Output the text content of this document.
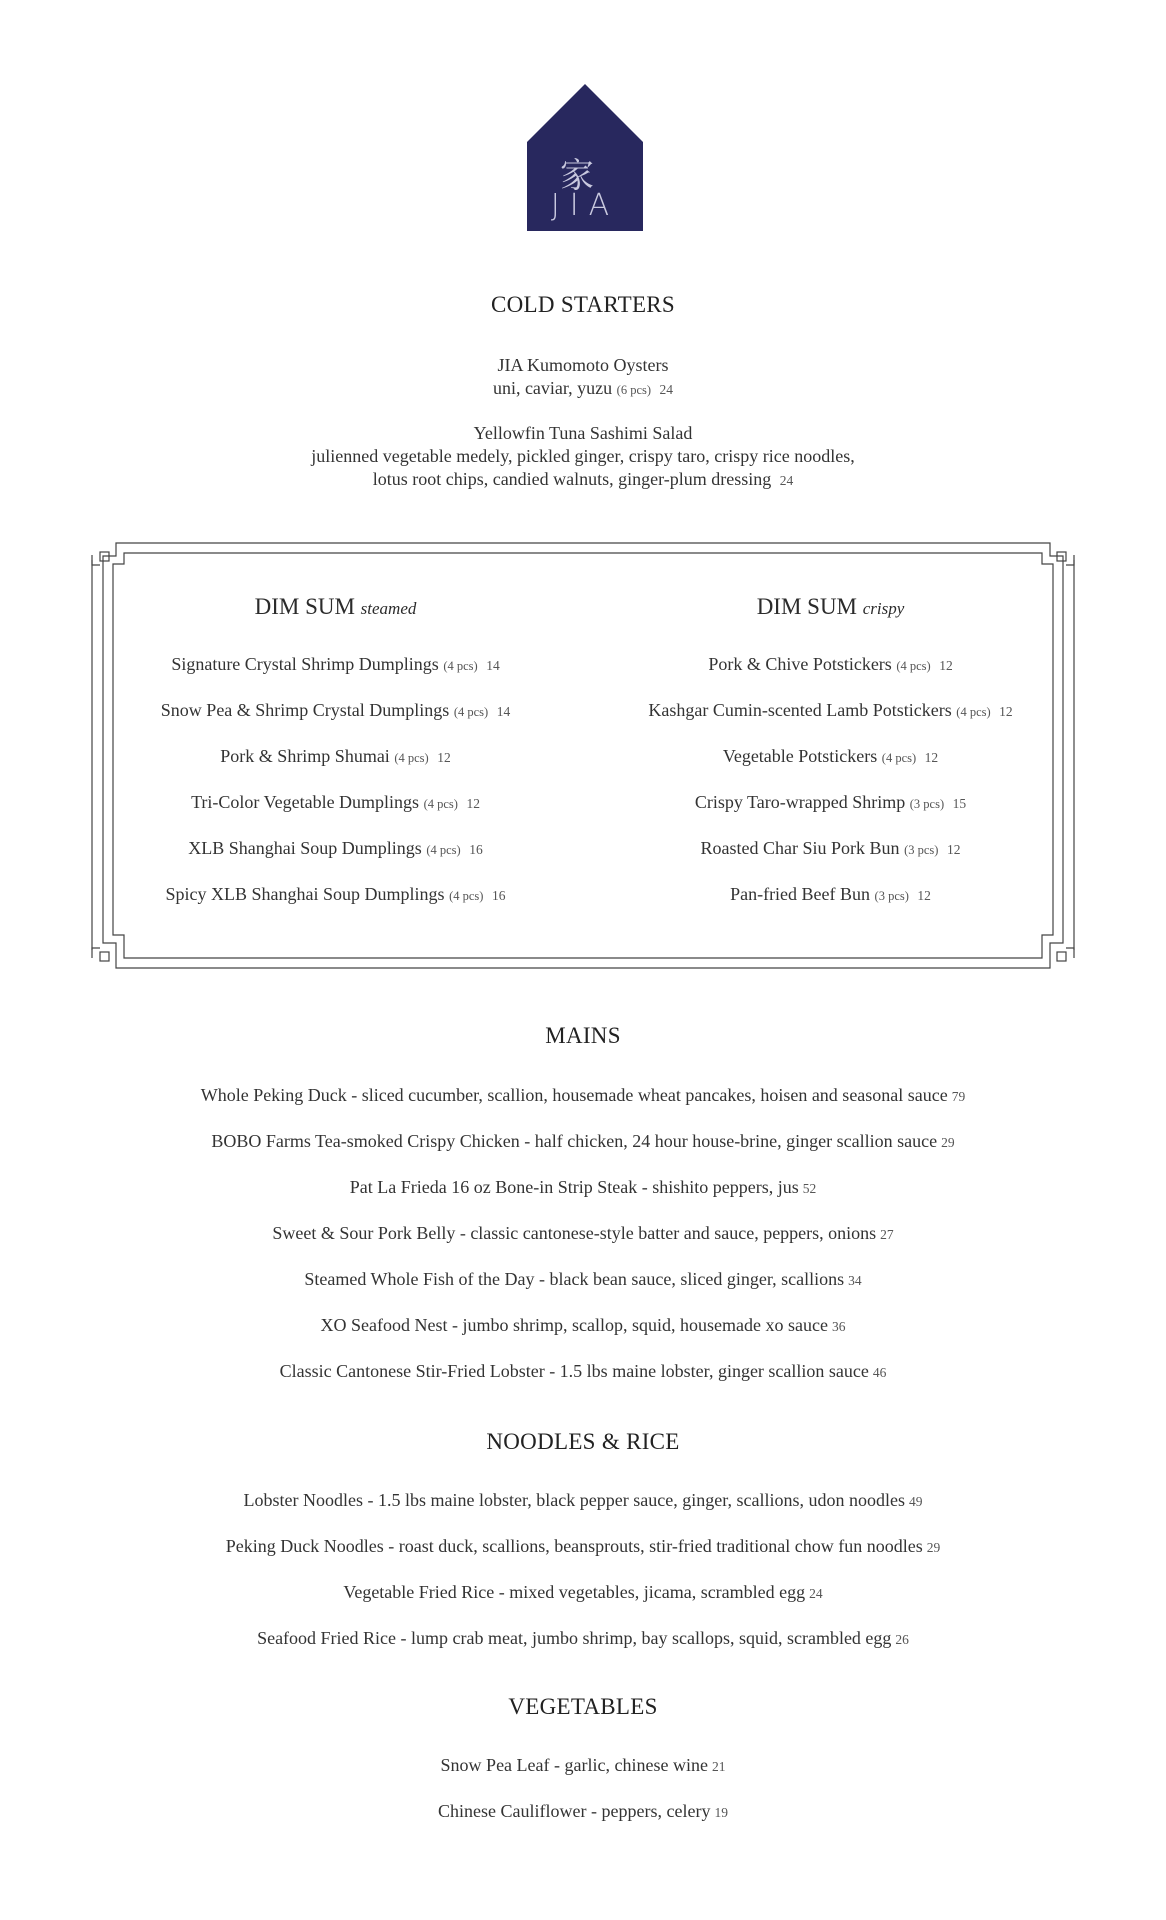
家
JIA
COLD STARTERS
JIA Kumomoto Oysters
uni, caviar, yuzu (6 pcs) 24
Yellowfin Tuna Sashimi Salad
julienned vegetable medely, pickled ginger, crispy taro, crispy rice noodles,
lotus root chips, candied walnuts, ginger-plum dressing 24
DIM SUM steamed
Signature Crystal Shrimp Dumplings (4 pcs) 14
Snow Pea & Shrimp Crystal Dumplings (4 pcs) 14
Pork & Shrimp Shumai (4 pcs) 12
Tri-Color Vegetable Dumplings (4 pcs) 12
XLB Shanghai Soup Dumplings (4 pcs) 16
Spicy XLB Shanghai Soup Dumplings (4 pcs) 16
DIM SUM crispy
Pork & Chive Potstickers (4 pcs) 12
Kashgar Cumin-scented Lamb Potstickers (4 pcs) 12
Vegetable Potstickers (4 pcs) 12
Crispy Taro-wrapped Shrimp (3 pcs) 15
Roasted Char Siu Pork Bun (3 pcs) 12
Pan-fried Beef Bun (3 pcs) 12
MAINS
Whole Peking Duck - sliced cucumber, scallion, housemade wheat pancakes, hoisen and seasonal sauce 79
BOBO Farms Tea-smoked Crispy Chicken - half chicken, 24 hour house-brine, ginger scallion sauce 29
Pat La Frieda 16 oz Bone-in Strip Steak - shishito peppers, jus 52
Sweet & Sour Pork Belly - classic cantonese-style batter and sauce, peppers, onions 27
Steamed Whole Fish of the Day - black bean sauce, sliced ginger, scallions 34
XO Seafood Nest - jumbo shrimp, scallop, squid, housemade xo sauce 36
Classic Cantonese Stir-Fried Lobster - 1.5 lbs maine lobster, ginger scallion sauce 46
NOODLES & RICE
Lobster Noodles - 1.5 lbs maine lobster, black pepper sauce, ginger, scallions, udon noodles 49
Peking Duck Noodles - roast duck, scallions, beansprouts, stir-fried traditional chow fun noodles 29
Vegetable Fried Rice - mixed vegetables, jicama, scrambled egg 24
Seafood Fried Rice - lump crab meat, jumbo shrimp, bay scallops, squid, scrambled egg 26
VEGETABLES
Snow Pea Leaf - garlic, chinese wine 21
Chinese Cauliflower - peppers, celery 19
